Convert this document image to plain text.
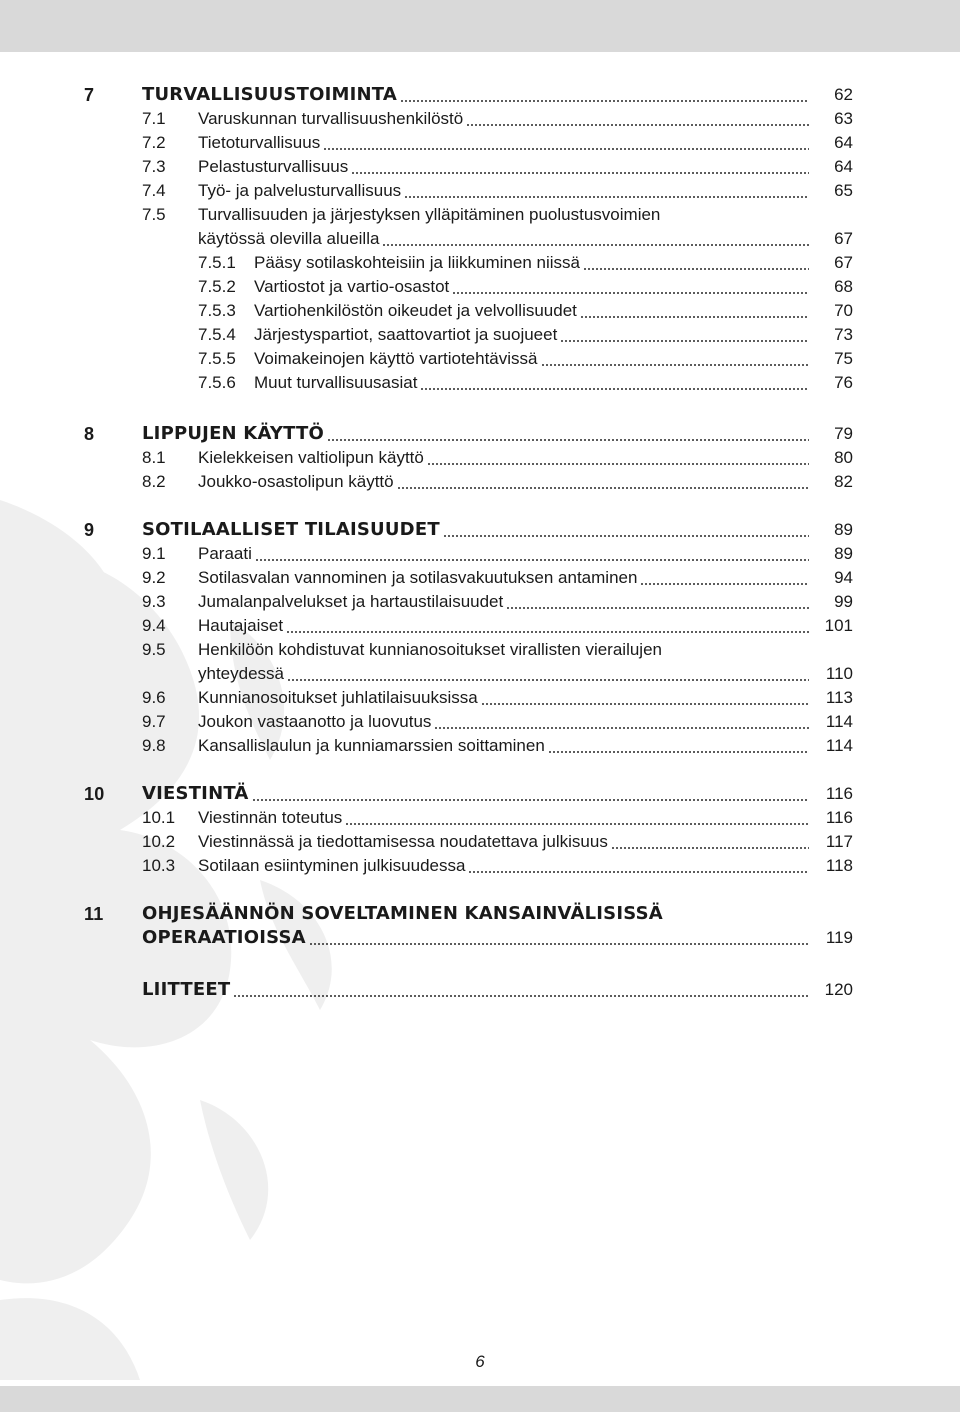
7	TURVALLISUUSTOIMINTA	62
7.1 Varuskunnan turvallisuushenkilöstö	63
7.2 Tietoturvallisuus	64
7.3 Pelastusturvallisuus	64
7.4 Työ- ja palvelusturvallisuus	65
7.5 Turvallisuuden ja järjestyksen ylläpitäminen puolustusvoimien
käytössä olevilla alueilla	67
7.5.1 Pääsy sotilaskohteisiin ja liikkuminen niissä	67
7.5.2 Vartiostot ja vartio-osastot	68
7.5.3 Vartiohenkilöstön oikeudet ja velvollisuudet	70
7.5.4 Järjestyspartiot, saattovartiot ja suojueet	73
7.5.5 Voimakeinojen käyttö vartiotehtävissä	75
7.5.6 Muut turvallisuusasiat	76
8	LIPPUJEN KÄYTTÖ	79
8.1 Kielekkeisen valtiolipun käyttö	80
8.2 Joukko-osastolipun käyttö	82
9	SOTILAALLISET TILAISUUDET	89
9.1 Paraati	89
9.2 Sotilasvalan vannominen ja sotilasvakuutuksen antaminen	94
9.3 Jumalanpalvelukset ja hartaustilaisuudet	99
9.4 Hautajaiset	101
9.5 Henkilöön kohdistuvat kunnianosoitukset virallisten vierailujen
yhteydessä	110
9.6 Kunnianosoitukset juhlatilaisuuksissa	113
9.7 Joukon vastaanotto ja luovutus	114
9.8 Kansallislaulun ja kunniamarssien soittaminen	114
10 VIESTINTÄ	116
10.1 Viestinnän toteutus	116
10.2 Viestinnässä ja tiedottamisessa noudatettava julkisuus	117
10.3 Sotilaan esiintyminen julkisuudessa	118
11 OHJESÄÄNNÖN SOVELTAMINEN KANSAINVÄLISISSÄ
OPERAATIOISSA	119
LIITTEET	120
6
